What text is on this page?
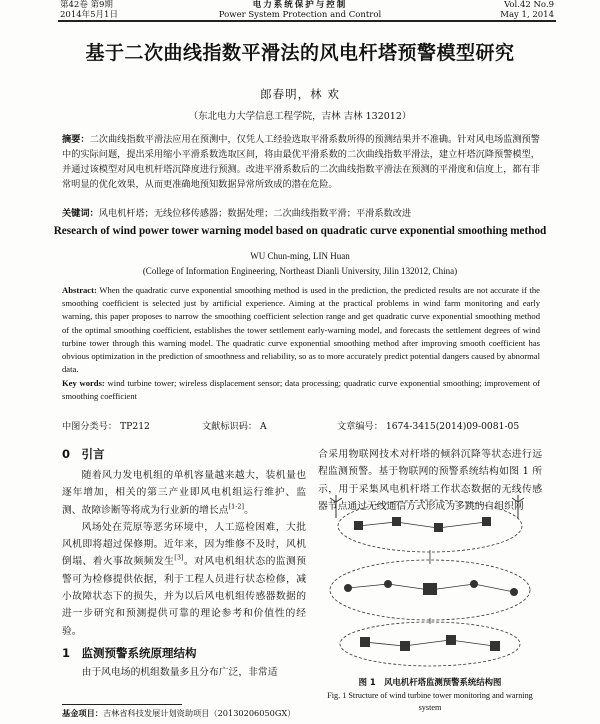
第42卷 第9期
2014年5月1日
电力系统保护与控制
Power System Protection and Control
Vol.42 No.9
May 1, 2014
基于二次曲线指数平滑法的风电杆塔预警模型研究
郎春明，林 欢
（东北电力大学信息工程学院，吉林 吉林 132012）
摘要：二次曲线指数平滑法应用在预测中，仅凭人工经验选取平滑系数所得的预测结果并不准确。针对风电场监测预警中的实际问题，提出采用缩小平滑系数选取区间，将由最优平滑系数的二次曲线指数平滑法，建立杆塔沉降预警模型，并通过该模型对风电机杆塔沉降度进行预测。改进平滑系数后的二次曲线指数平滑法在预测的平滑度和信度上，都有非常明显的优化效果，从而更准确地预知数据异常所致成的潜在危险。
关键词：风电机杆塔；无线位移传感器；数据处理；二次曲线指数平滑；平滑系数改进
Research of wind power tower warning model based on quadratic curve exponential smoothing method
WU Chun-ming, LIN Huan
(College of Information Engineering, Northeast Dianli University, Jilin 132012, China)
Abstract: When the quadratic curve exponential smoothing method is used in the prediction, the predicted results are not accurate if the smoothing coefficient is selected just by artificial experience. Aiming at the practical problems in wind farm monitoring and early warning, this paper proposes to narrow the smoothing coefficient selection range and get quadratic curve exponential smoothing method of the optimal smoothing coefficient, establishes the tower settlement early-warning model, and forecasts the settlement degrees of wind turbine tower through this warning model. The quadratic curve exponential smoothing method after improving smooth coefficient has obvious optimization in the prediction of smoothness and reliability, so as to more accurately predict potential dangers caused by abnormal data.
Key words: wind turbine tower; wireless displacement sensor; data processing; quadratic curve exponential smoothing; improvement of smoothing coefficient
中图分类号： TP212	文献标识码： A	文章编号： 1674-3415(2014)09-0081-05
0　引言

随着风力发电机组的单机容量越来越大，装机量也逐年增加，相关的第三产业即风电机组运行维护、监测、故障诊断等将成为行业新的增长点[1-2]。

风场处在荒原等恶劣环境中，人工巡检困难，大批风机即将超过保修期。近年来，因为维修不及时，风机倒塌、着火事故频频发生[3]。对风电机组状态的监测预警可为检修提供依据，利于工程人员进行状态检修，减小故障状态下的损失，并为以后风电机组传感器数据的进一步研究和预测提供可靠的理论参考和价值性的经验。

1　监测预警系统原理结构

由于风电场的机组数量多且分布广泛，非常适

合采用物联网技术对杆塔的倾斜沉降等状态进行远程监测预警。基于物联网的预警系统结构如图 1 所示，用于采集风电机杆塔工作状态数据的无线传感器节点通过无线通信方式形成为多跳的自组织网

图 1　风电机杆塔监测预警系统结构图
Fig. 1 Structure of wind turbine tower monitoring and warning system
基金项目：吉林省科技发展计划资助项目（20130206050GX）
